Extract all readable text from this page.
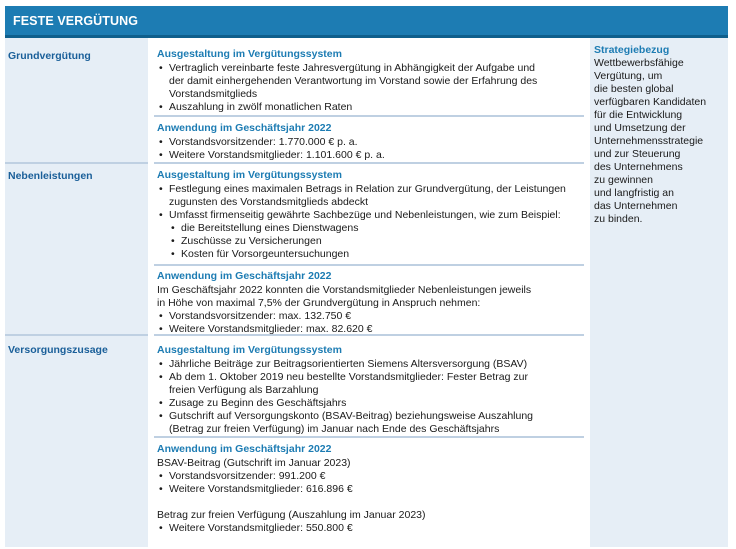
FESTE VERGÜTUNG
Grundvergütung
Nebenleistungen
Versorgungszusage
Ausgestaltung im Vergütungssystem
• Vertraglich vereinbarte feste Jahresvergütung in Abhängigkeit der Aufgabe und
der damit einhergehenden Verantwortung im Vorstand sowie der Erfahrung des
Vorstandsmitglieds
• Auszahlung in zwölf monatlichen Raten
Anwendung im Geschäftsjahr 2022
• Vorstandsvorsitzender: 1.770.000 € p. a.
• Weitere Vorstandsmitglieder: 1.101.600 € p. a.
Ausgestaltung im Vergütungssystem
• Festlegung eines maximalen Betrags in Relation zur Grundvergütung, der Leistungen
zugunsten des Vorstandsmitglieds abdeckt
• Umfasst firmenseitig gewährte Sachbezüge und Nebenleistungen, wie zum Beispiel:
• die Bereitstellung eines Dienstwagens
• Zuschüsse zu Versicherungen
• Kosten für Vorsorgeuntersuchungen
Anwendung im Geschäftsjahr 2022
Im Geschäftsjahr 2022 konnten die Vorstandsmitglieder Nebenleistungen jeweils
in Höhe von maximal 7,5% der Grundvergütung in Anspruch nehmen:
• Vorstandsvorsitzender: max. 132.750 €
• Weitere Vorstandsmitglieder: max. 82.620 €
Ausgestaltung im Vergütungssystem
• Jährliche Beiträge zur Beitragsorientierten Siemens Altersversorgung (BSAV)
• Ab dem 1. Oktober 2019 neu bestellte Vorstandsmitglieder: Fester Betrag zur
freien Verfügung als Barzahlung
• Zusage zu Beginn des Geschäftsjahrs
• Gutschrift auf Versorgungskonto (BSAV-Beitrag) beziehungsweise Auszahlung
(Betrag zur freien Verfügung) im Januar nach Ende des Geschäftsjahrs
Anwendung im Geschäftsjahr 2022
BSAV-Beitrag (Gutschrift im Januar 2023)
• Vorstandsvorsitzender: 991.200 €
• Weitere Vorstandsmitglieder: 616.896 €
Betrag zur freien Verfügung (Auszahlung im Januar 2023)
• Weitere Vorstandsmitglieder: 550.800 €
Strategiebezug
Wettbewerbsfähige
Vergütung, um
die besten global
verfügbaren Kandidaten
für die Entwicklung
und Umsetzung der
Unternehmensstrategie
und zur Steuerung
des Unternehmens
zu gewinnen
und langfristig an
das Unternehmen
zu binden.
